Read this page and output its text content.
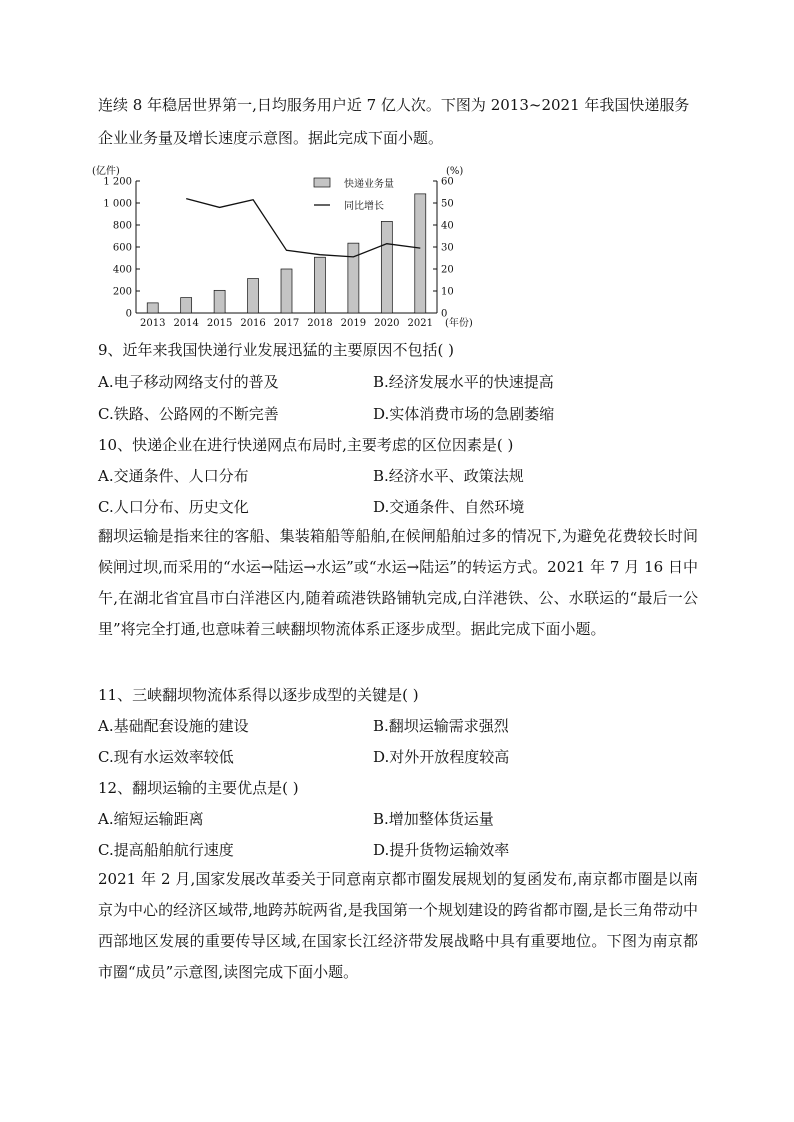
连续 8 年稳居世界第一,日均服务用户近 7 亿人次。下图为 2013~2021 年我国快递服务
企业业务量及增长速度示意图。据此完成下面小题。
(亿件)	(%)
(年份)
0
200
400
600
800
1 000
1 200
0
10
20
30
40
50
60
2013 2014 2015 2016 2017 2018 2019 2020 2021
快递业务量
同比增长
9、近年来我国快递行业发展迅猛的主要原因不包括( )
A.电子移动网络支付的普及	B.经济发展水平的快速提高
C.铁路、公路网的不断完善	D.实体消费市场的急剧萎缩
10、快递企业在进行快递网点布局时,主要考虑的区位因素是( )
A.交通条件、人口分布	B.经济水平、政策法规
C.人口分布、历史文化	D.交通条件、自然环境
翻坝运输是指来往的客船、集装箱船等船舶,在候闸船舶过多的情况下,为避免花费较长时间候闸过坝,而采用的“水运→陆运→水运”或“水运→陆运”的转运方式。2021 年 7 月 16 日中午,在湖北省宜昌市白洋港区内,随着疏港铁路铺轨完成,白洋港铁、公、水联运的“最后一公里”将完全打通,也意味着三峡翻坝物流体系正逐步成型。据此完成下面小题。
11、三峡翻坝物流体系得以逐步成型的关键是( )
A.基础配套设施的建设	B.翻坝运输需求强烈
C.现有水运效率较低	D.对外开放程度较高
12、翻坝运输的主要优点是( )
A.缩短运输距离	B.增加整体货运量
C.提高船舶航行速度	D.提升货物运输效率
2021 年 2 月,国家发展改革委关于同意南京都市圈发展规划的复函发布,南京都市圈是以南京为中心的经济区域带,地跨苏皖两省,是我国第一个规划建设的跨省都市圈,是长三角带动中西部地区发展的重要传导区域,在国家长江经济带发展战略中具有重要地位。下图为南京都市圈“成员”示意图,读图完成下面小题。
